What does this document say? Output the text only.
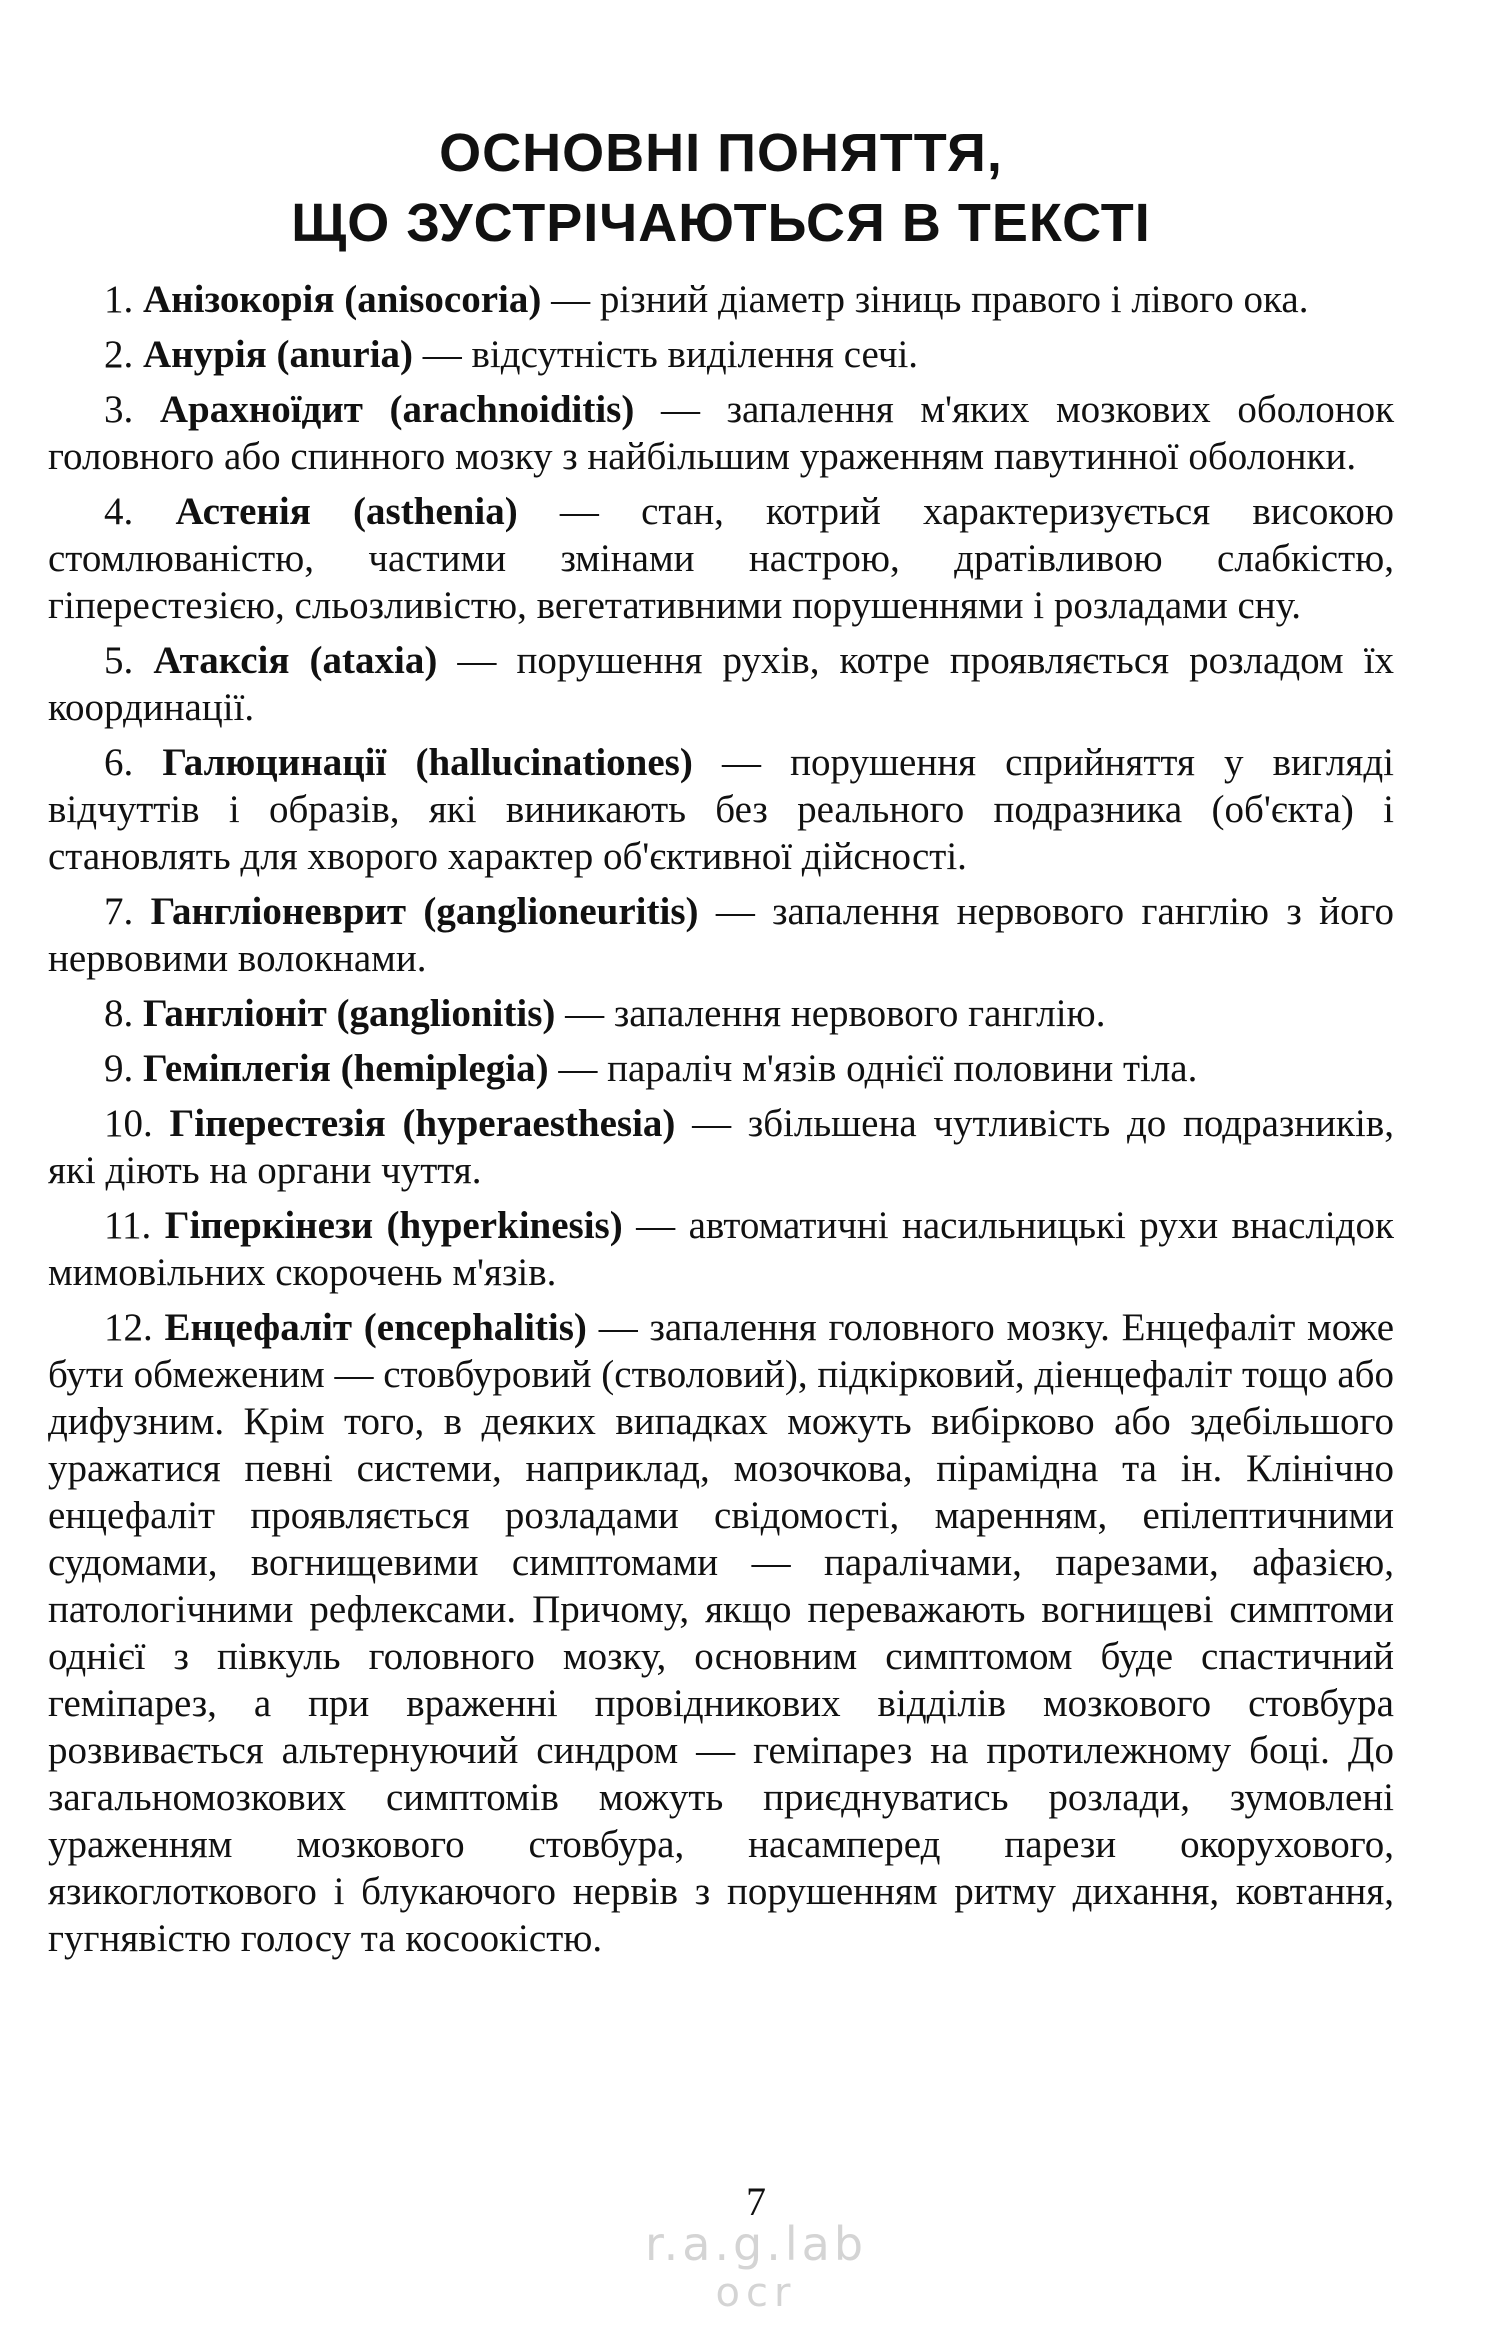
ОСНОВНІ ПОНЯТТЯ,
ЩО ЗУСТРІЧАЮТЬСЯ В ТЕКСТІ

1. Анізокорія (anisocoria) — різний діаметр зіниць правого і лівого ока.

2. Анурія (anuria) — відсутність виділення сечі.

3. Арахноїдит (arachnoiditis) — запалення м'яких мозкових оболонок головного або спинного мозку з найбільшим ураженням павутинної оболонки.

4. Астенія (asthenia) — стан, котрий характеризується високою стомлюваністю, частими змінами настрою, дратівливою слабкістю, гіперестезією, сльозливістю, вегетативними порушеннями і розладами сну.

5. Атаксія (ataxia) — порушення рухів, котре проявляється розладом їх координації.

6. Галюцинації (hallucinationes) — порушення сприйняття у вигляді відчуттів і образів, які виникають без реального подразника (об'єкта) і становлять для хворого характер об'єктивної дійсності.

7. Гангліоневрит (ganglioneuritis) — запалення нервового ганглію з його нервовими волокнами.

8. Гангліоніт (ganglionitis) — запалення нервового ганглію.

9. Геміплегія (hemiplegia) — параліч м'язів однієї половини тіла.

10. Гіперестезія (hyperaesthesia) — збільшена чутливість до подразників, які діють на органи чуття.

11. Гіперкінези (hyperkinesis) — автоматичні насильницькі рухи внаслідок мимовільних скорочень м'язів.

12. Енцефаліт (encephalitis) — запалення головного мозку. Енцефаліт може бути обмеженим — стовбуровий (стволовий), підкірковий, діенцефаліт тощо або дифузним. Крім того, в деяких випадках можуть вибірково або здебільшого уражатися певні системи, наприклад, мозочкова, пірамідна та ін. Клінічно енцефаліт проявляється розладами свідомості, маренням, епілептичними судомами, вогнищевими симптомами — паралічами, парезами, афазією, патологічними рефлексами. Причому, якщо переважають вогнищеві симптоми однієї з півкуль головного мозку, основним симптомом буде спастичний геміпарез, а при враженні провідникових відділів мозкового стовбура розвивається альтернуючий синдром — геміпарез на протилежному боці. До загальномозкових симптомів можуть приєднуватись розлади, зумовлені ураженням мозкового стовбура, насамперед парези окорухового, язикоглоткового і блукаючого нервів з порушенням ритму дихання, ковтання, гугнявістю голосу та косоокістю.

7
r.a.g.lab
ocr
